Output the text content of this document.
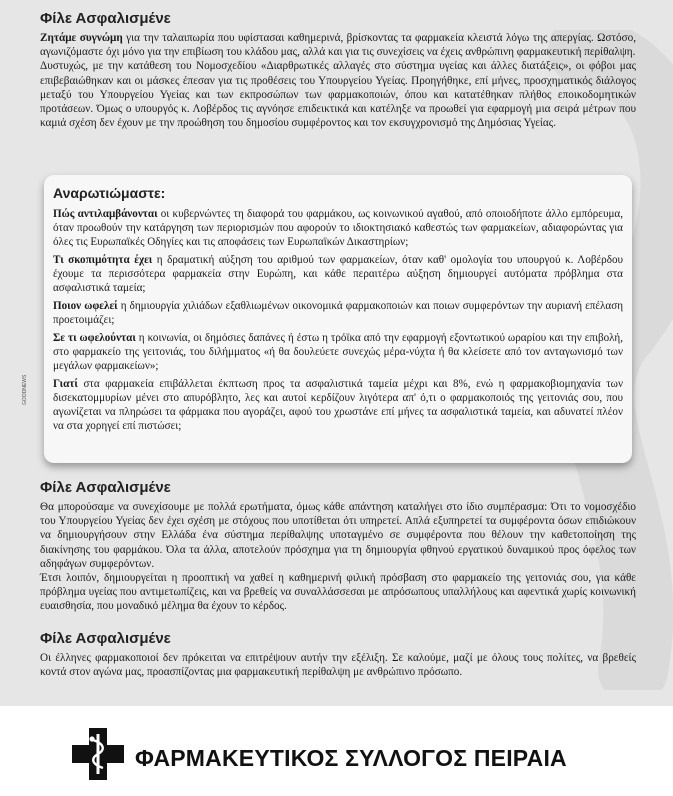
Φίλε Ασφαλισμένε

Ζητάμε συγνώμη για την ταλαιπωρία που υφίστασαι καθημερινά, βρίσκοντας τα φαρμακεία κλειστά λόγω της απεργίας. Ωστόσο, αγωνιζόμαστε όχι μόνο για την επιβίωση του κλάδου μας, αλλά και για τις συνεχίσεις να έχεις ανθρώπινη φαρμακευτική περίθαλψη.

Δυστυχώς, με την κατάθεση του Νομοσχεδίου «Διαρθρωτικές αλλαγές στο σύστημα υγείας και άλλες διατάξεις», οι φόβοι μας επιβεβαιώθηκαν και οι μάσκες έπεσαν για τις προθέσεις του Υπουργείου Υγείας. Προηγήθηκε, επί μήνες, προσχηματικός διάλογος μεταξύ του Υπουργείου Υγείας και των εκπροσώπων των φαρμακοποιών, όπου και κατατέθηκαν πλήθος εποικοδομητικών προτάσεων. Όμως ο υπουργός κ. Λοβέρδος τις αγνόησε επιδεικτικά και κατέληξε να προωθεί για εφαρμογή μια σειρά μέτρων που καμιά σχέση δεν έχουν με την προώθηση του δημοσίου συμφέροντος και τον εκσυγχρονισμό της Δημόσιας Υγείας.

Αναρωτιώμαστε:

Πώς αντιλαμβάνονται οι κυβερνώντες τη διαφορά του φαρμάκου, ως κοινωνικού αγαθού, από οποιοδήποτε άλλο εμπόρευμα, όταν προωθούν την κατάργηση των περιορισμών που αφορούν το ιδιοκτησιακό καθεστώς των φαρμακείων, αδιαφορώντας για όλες τις Ευρωπαϊκές Οδηγίες και τις αποφάσεις των Ευρωπαϊκών Δικαστηρίων;

Τι σκοπιμότητα έχει η δραματική αύξηση του αριθμού των φαρμακείων, όταν καθ' ομολογία του υπουργού κ. Λοβέρδου έχουμε τα περισσότερα φαρμακεία στην Ευρώπη, και κάθε περαιτέρω αύξηση δημιουργεί αυτόματα πρόβλημα στα ασφαλιστικά ταμεία;

Ποιον ωφελεί η δημιουργία χιλιάδων εξαθλιωμένων οικονομικά φαρμακοποιών και ποιων συμφερόντων την αυριανή επέλαση προετοιμάζει;

Σε τι ωφελούνται η κοινωνία, οι δημόσιες δαπάνες ή έστω η τρόϊκα από την εφαρμογή εξοντωτικού ωραρίου και την επιβολή, στο φαρμακείο της γειτονιάς, του διλήμματος «ή θα δουλεύετε συνεχώς μέρα-νύχτα ή θα κλείσετε από τον ανταγωνισμό των μεγάλων φαρμακείων»;

Γιατί στα φαρμακεία επιβάλλεται έκπτωση προς τα ασφαλιστικά ταμεία μέχρι και 8%, ενώ η φαρμακοβιομηχανία των δισεκατομμυρίων μένει στο απυρόβλητο, λες και αυτοί κερδίζουν λιγότερα απ' ό,τι ο φαρμακοποιός της γειτονιάς σου, που αγωνίζεται να πληρώσει τα φάρμακα που αγοράζει, αφού του χρωστάνε επί μήνες τα ασφαλιστικά ταμεία, και αδυνατεί πλέον να στα χορηγεί επί πιστώσει;

GOODNEWS
Φίλε Ασφαλισμένε

Θα μπορούσαμε να συνεχίσουμε με πολλά ερωτήματα, όμως κάθε απάντηση καταλήγει στο ίδιο συμπέρασμα: Ότι το νομοσχέδιο του Υπουργείου Υγείας δεν έχει σχέση με στόχους που υποτίθεται ότι υπηρετεί. Απλά εξυπηρετεί τα συμφέροντα όσων επιδιώκουν να δημιουργήσουν στην Ελλάδα ένα σύστημα περίθαλψης υποταγμένο σε συμφέροντα που θέλουν την καθετοποίηση της διακίνησης του φαρμάκου. Όλα τα άλλα, αποτελούν πρόσχημα για τη δημιουργία φθηνού εργατικού δυναμικού προς όφελος των αδηφάγων συμφερόντων.

Έτσι λοιπόν, δημιουργείται η προοπτική να χαθεί η καθημερινή φιλική πρόσβαση στο φαρμακείο της γειτονιάς σου, για κάθε πρόβλημα υγείας που αντιμετωπίζεις, και να βρεθείς να συναλλάσσεσαι με απρόσωπους υπαλλήλους και αφεντικά χωρίς κοινωνική ευαισθησία, που μοναδικό μέλημα θα έχουν το κέρδος.

Φίλε Ασφαλισμένε

Οι έλληνες φαρμακοποιοί δεν πρόκειται να επιτρέψουν αυτήν την εξέλιξη. Σε καλούμε, μαζί με όλους τους πολίτες, να βρεθείς κοντά στον αγώνα μας, προασπίζοντας μια φαρμακευτική περίθαλψη με ανθρώπινο πρόσωπο.

ΦΑΡΜΑΚΕΥΤΙΚΟΣ ΣΥΛΛΟΓΟΣ ΠΕΙΡΑΙΑ
